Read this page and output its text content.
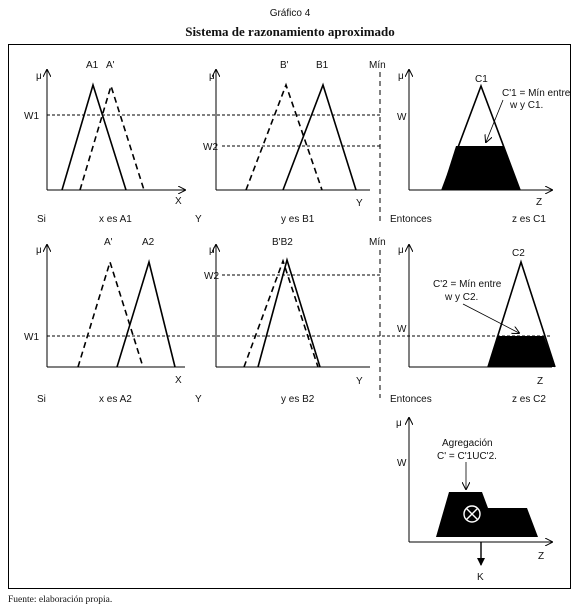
Gráfico 4
Sistema de razonamiento aproximado
μ
W1
A1 A'
X
μ
W2
B'	B1
Y
Mín
μ
W
C1
C'1 = Mín entre
w y C1.
Z
Si	x es A1	Y	y es B1	Entonces	z es C1
μ
W1
A'	A2
X
μ
W2
B'B2
Y
Mín
μ
W
C2
C'2 = Mín entre
w y C2.
Z
Si	x es A2	Y	y es B2	Entonces	z es C2
μ
W
Agregación
C' = C'1UC'2.
K
Z
Fuente: elaboración propia.
